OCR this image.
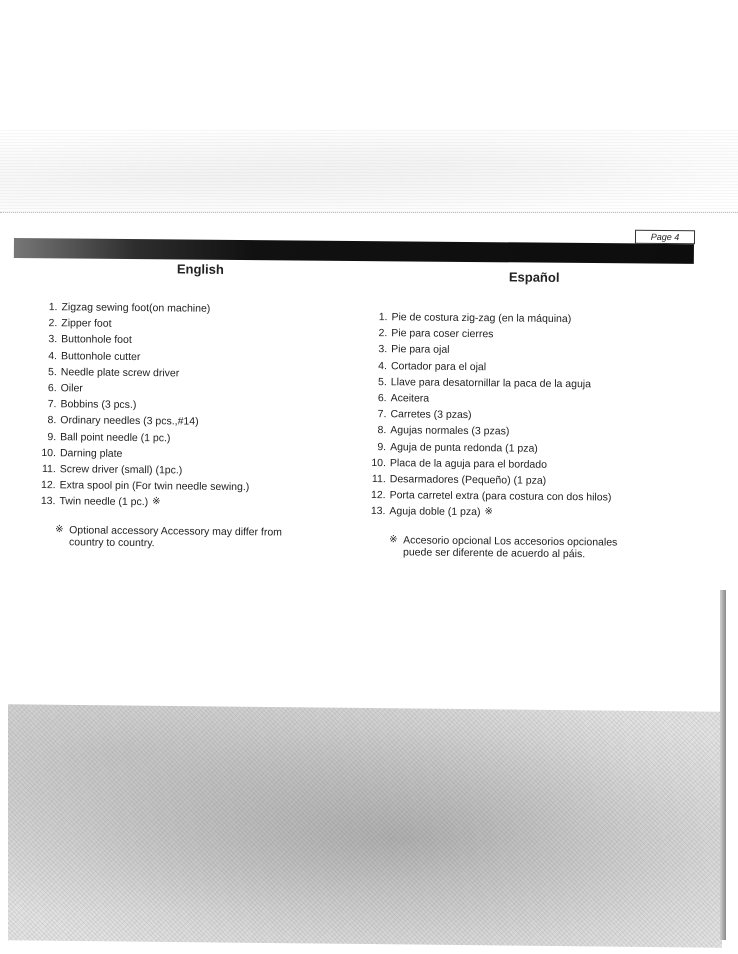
Page 4
English
1. Zigzag sewing foot(on machine)
2. Zipper foot
3. Buttonhole foot
4. Buttonhole cutter
5. Needle plate screw driver
6. Oiler
7. Bobbins (3 pcs.)
8. Ordinary needles (3 pcs.,#14)
9. Ball point needle (1 pc.)
10. Darning plate
11. Screw driver (small) (1pc.)
12. Extra spool pin (For twin needle sewing.)
13. Twin needle (1 pc.) ※
※ Optional accessory Accessory may differ from
country to country.
Español
1. Pie de costura zig-zag (en la máquina)
2. Pie para coser cierres
3. Pie para ojal
4. Cortador para el ojal
5. Llave para desatornillar la paca de la aguja
6. Aceitera
7. Carretes (3 pzas)
8. Agujas normales (3 pzas)
9. Aguja de punta redonda (1 pza)
10. Placa de la aguja para el bordado
11. Desarmadores (Pequeño) (1 pza)
12. Porta carretel extra (para costura con dos hilos)
13. Aguja doble (1 pza) ※
※ Accesorio opcional Los accesorios opcionales
puede ser diferente de acuerdo al páis.
